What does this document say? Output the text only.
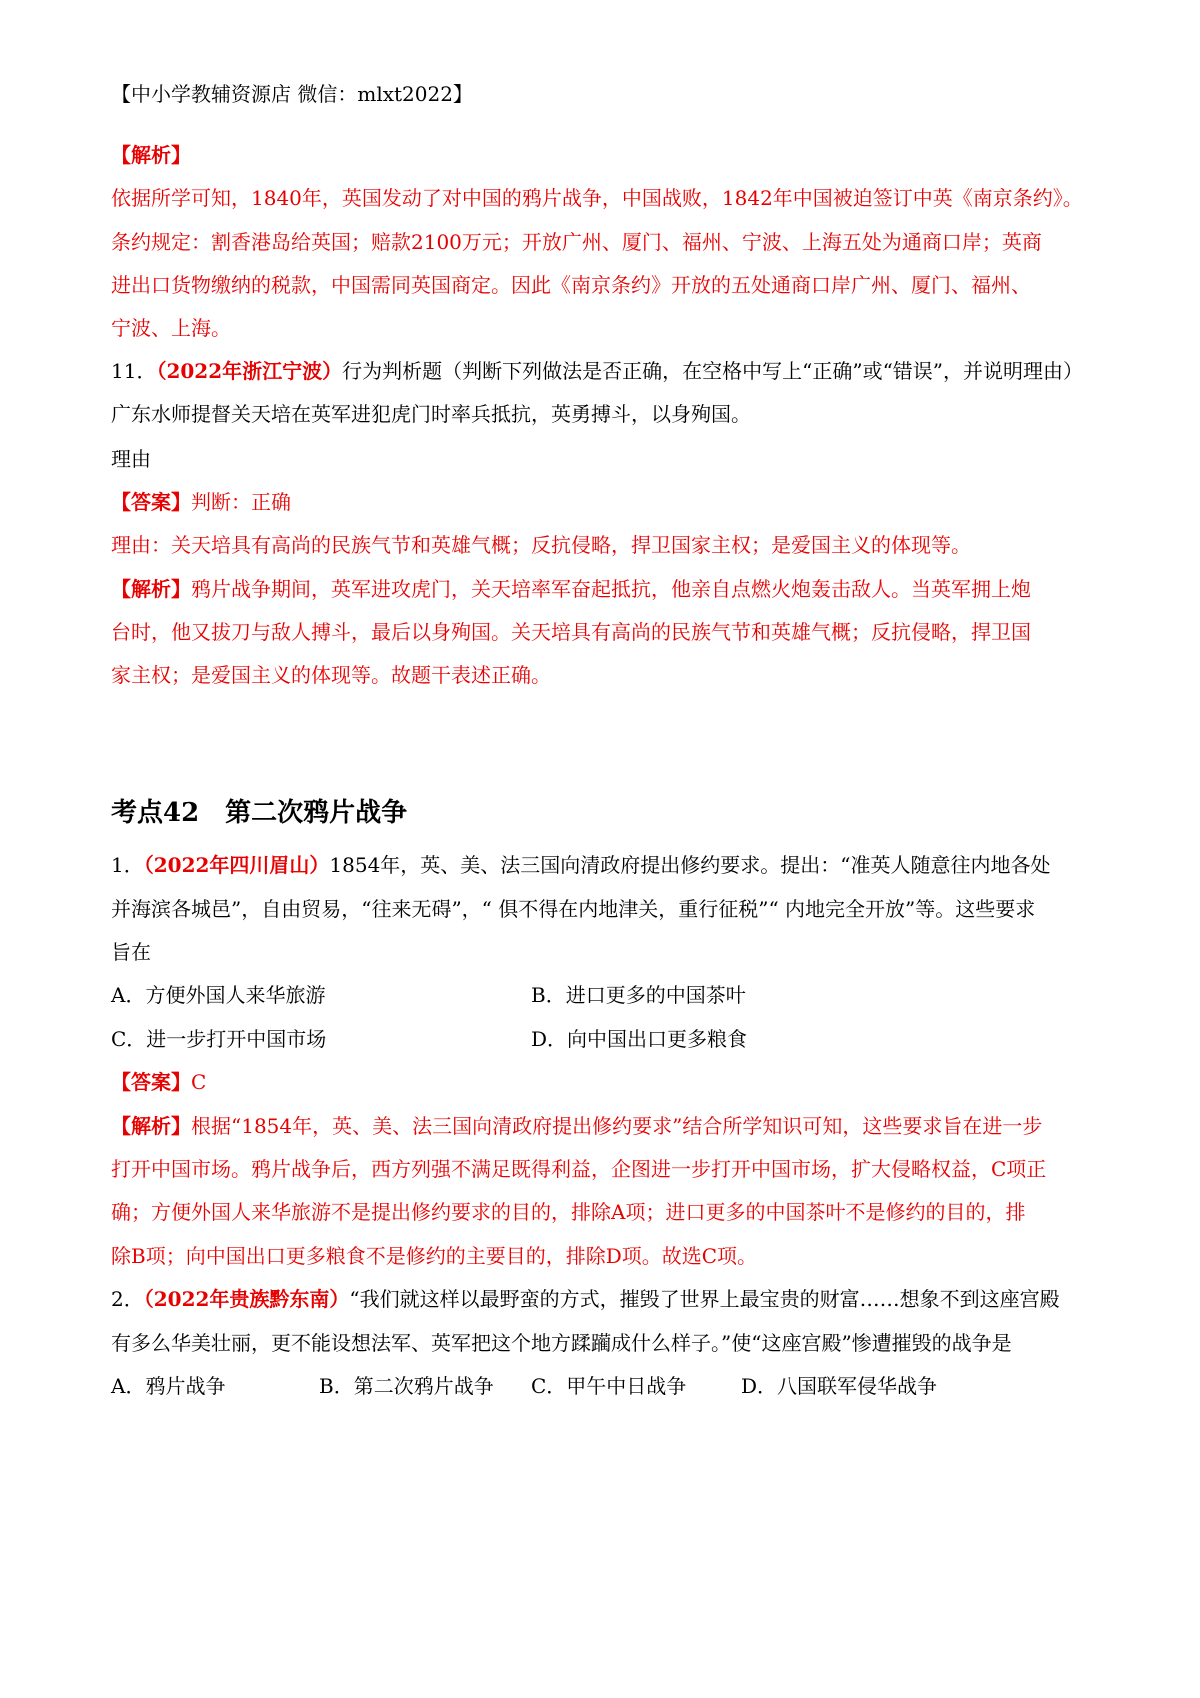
【中小学教辅资源店 微信：mlxt2022】
【解析】
依据所学可知，1840年，英国发动了对中国的鸦片战争，中国战败，1842年中国被迫签订中英《南京条约》。
条约规定：割香港岛给英国；赔款2100万元；开放广州、厦门、福州、宁波、上海五处为通商口岸；英商
进出口货物缴纳的税款，中国需同英国商定。因此《南京条约》开放的五处通商口岸广州、厦门、福州、
宁波、上海。
11．（2022年浙江宁波）行为判析题（判断下列做法是否正确，在空格中写上“正确”或“错误”，并说明理由）
广东水师提督关天培在英军进犯虎门时率兵抵抗，英勇搏斗，以身殉国。
理由
【答案】判断：正确
理由：关天培具有高尚的民族气节和英雄气概；反抗侵略，捍卫国家主权；是爱国主义的体现等。
【解析】鸦片战争期间，英军进攻虎门，关天培率军奋起抵抗，他亲自点燃火炮轰击敌人。当英军拥上炮
台时，他又拔刀与敌人搏斗，最后以身殉国。关天培具有高尚的民族气节和英雄气概；反抗侵略，捍卫国
家主权；是爱国主义的体现等。故题干表述正确。
考点42　第二次鸦片战争
1．（2022年四川眉山）1854年，英、美、法三国向清政府提出修约要求。提出：“准英人随意往内地各处
并海滨各城邑”，自由贸易，“往来无碍”，“ 俱不得在内地津关，重行征税”“ 内地完全开放”等。这些要求
旨在
A．方便外国人来华旅游	B．进口更多的中国茶叶
C．进一步打开中国市场	D．向中国出口更多粮食
【答案】C
【解析】根据“1854年，英、美、法三国向清政府提出修约要求”结合所学知识可知，这些要求旨在进一步
打开中国市场。鸦片战争后，西方列强不满足既得利益，企图进一步打开中国市场，扩大侵略权益，C项正
确；方便外国人来华旅游不是提出修约要求的目的，排除A项；进口更多的中国茶叶不是修约的目的，排
除B项；向中国出口更多粮食不是修约的主要目的，排除D项。故选C项。
2．（2022年贵族黔东南）“我们就这样以最野蛮的方式，摧毁了世界上最宝贵的财富……想象不到这座宫殿
有多么华美壮丽，更不能设想法军、英军把这个地方蹂躏成什么样子。”使“这座宫殿”惨遭摧毁的战争是
A．鸦片战争	B．第二次鸦片战争 C．甲午中日战争	D．八国联军侵华战争
